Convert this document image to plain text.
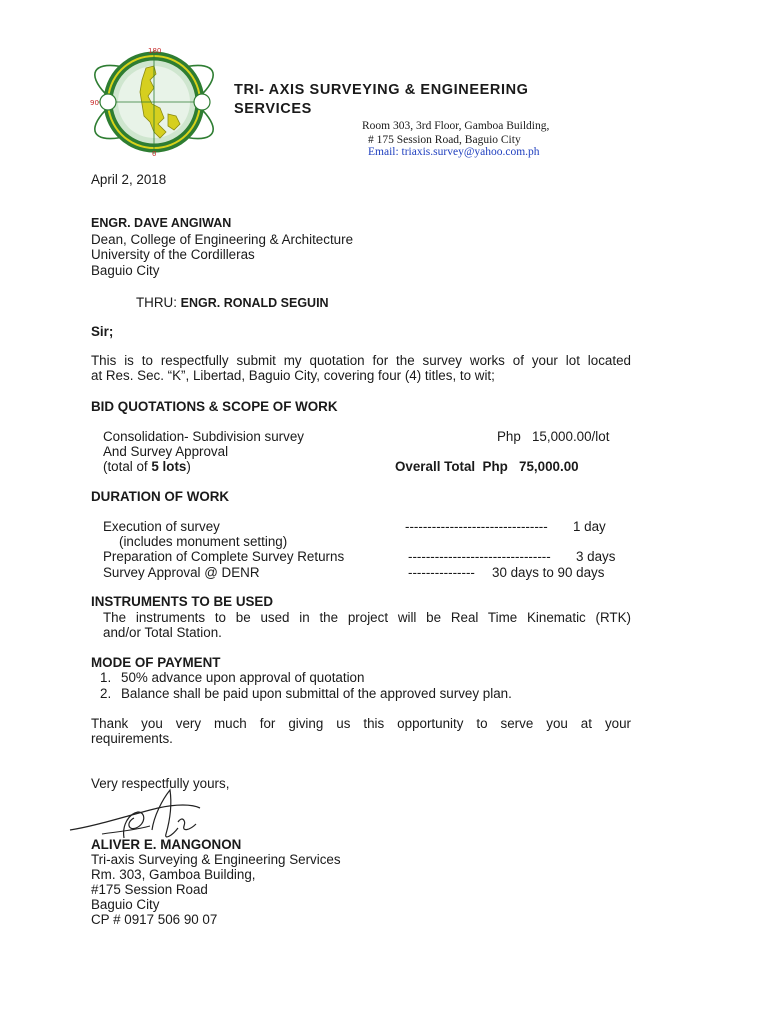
180
90
0
TRI- AXIS SURVEYING & ENGINEERING
SERVICES
Room 303, 3rd Floor, Gamboa Building,
# 175 Session Road, Baguio City
Email: triaxis.survey@yahoo.com.ph
April 2, 2018
ENGR. DAVE ANGIWAN
Dean, College of Engineering & Architecture
University of the Cordilleras
Baguio City
THRU: ENGR. RONALD SEGUIN
Sir;
This is to respectfully submit my quotation for the survey works of your lot located
at Res. Sec. “K”, Libertad, Baguio City, covering four (4) titles, to wit;
BID QUOTATIONS & SCOPE OF WORK
Consolidation- Subdivision survey	Php   15,000.00/lot
And Survey Approval
(total of 5 lots)	Overall Total  Php   75,000.00
DURATION OF WORK
Execution of survey	-------------------------------- 1 day
(includes monument setting)
Preparation of Complete Survey Returns	-------------------------------- 3 days
Survey Approval @ DENR	--------------- 30 days to 90 days
INSTRUMENTS TO BE USED
The instruments to be used in the project will be Real Time Kinematic (RTK)
and/or Total Station.
MODE OF PAYMENT
1. 50% advance upon approval of quotation
2. Balance shall be paid upon submittal of the approved survey plan.
Thank you very much for giving us this opportunity to serve you at your
requirements.
Very respectfully yours,
ALIVER E. MANGONON
Tri-axis Surveying & Engineering Services
Rm. 303, Gamboa Building,
#175 Session Road
Baguio City
CP # 0917 506 90 07
